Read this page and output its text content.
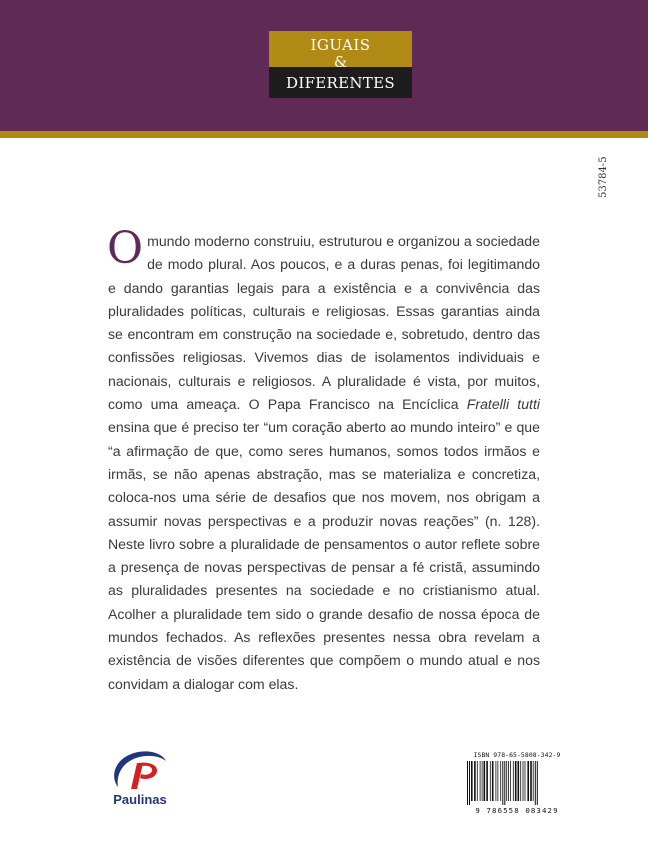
IGUAIS
&
DIFERENTES
53784-5

Omundo moderno construiu, estruturou e organizou a sociedade de modo plural. Aos poucos, e a duras penas, foi legitimando e dando garantias legais para a existência e a convivência das pluralidades políticas, culturais e religiosas. Essas garantias ainda se encontram em construção na sociedade e, sobretudo, dentro das confissões religiosas. Vivemos dias de isolamentos individuais e nacionais, culturais e religiosos. A pluralidade é vista, por muitos, como uma ameaça. O Papa Francisco na Encíclica Fratelli tutti ensina que é preciso ter “um coração aberto ao mundo inteiro” e que “a afirmação de que, como seres humanos, somos todos irmãos e irmãs, se não apenas abstração, mas se materializa e concretiza, coloca-nos uma série de desafios que nos movem, nos obrigam a assumir novas perspectivas e a produzir novas reações” (n. 128). Neste livro sobre a pluralidade de pensamentos o autor reflete sobre a presença de novas perspectivas de pensar a fé cristã, assumindo as pluralidades presentes na sociedade e no cristianismo atual. Acolher a pluralidade tem sido o grande desafio de nossa época de mundos fechados. As reflexões presentes nessa obra revelam a existência de visões diferentes que compõem o mundo atual e nos convidam a dialogar com elas.

Paulinas
ISBN 978-65-5808-342-9
9 786558 083429
